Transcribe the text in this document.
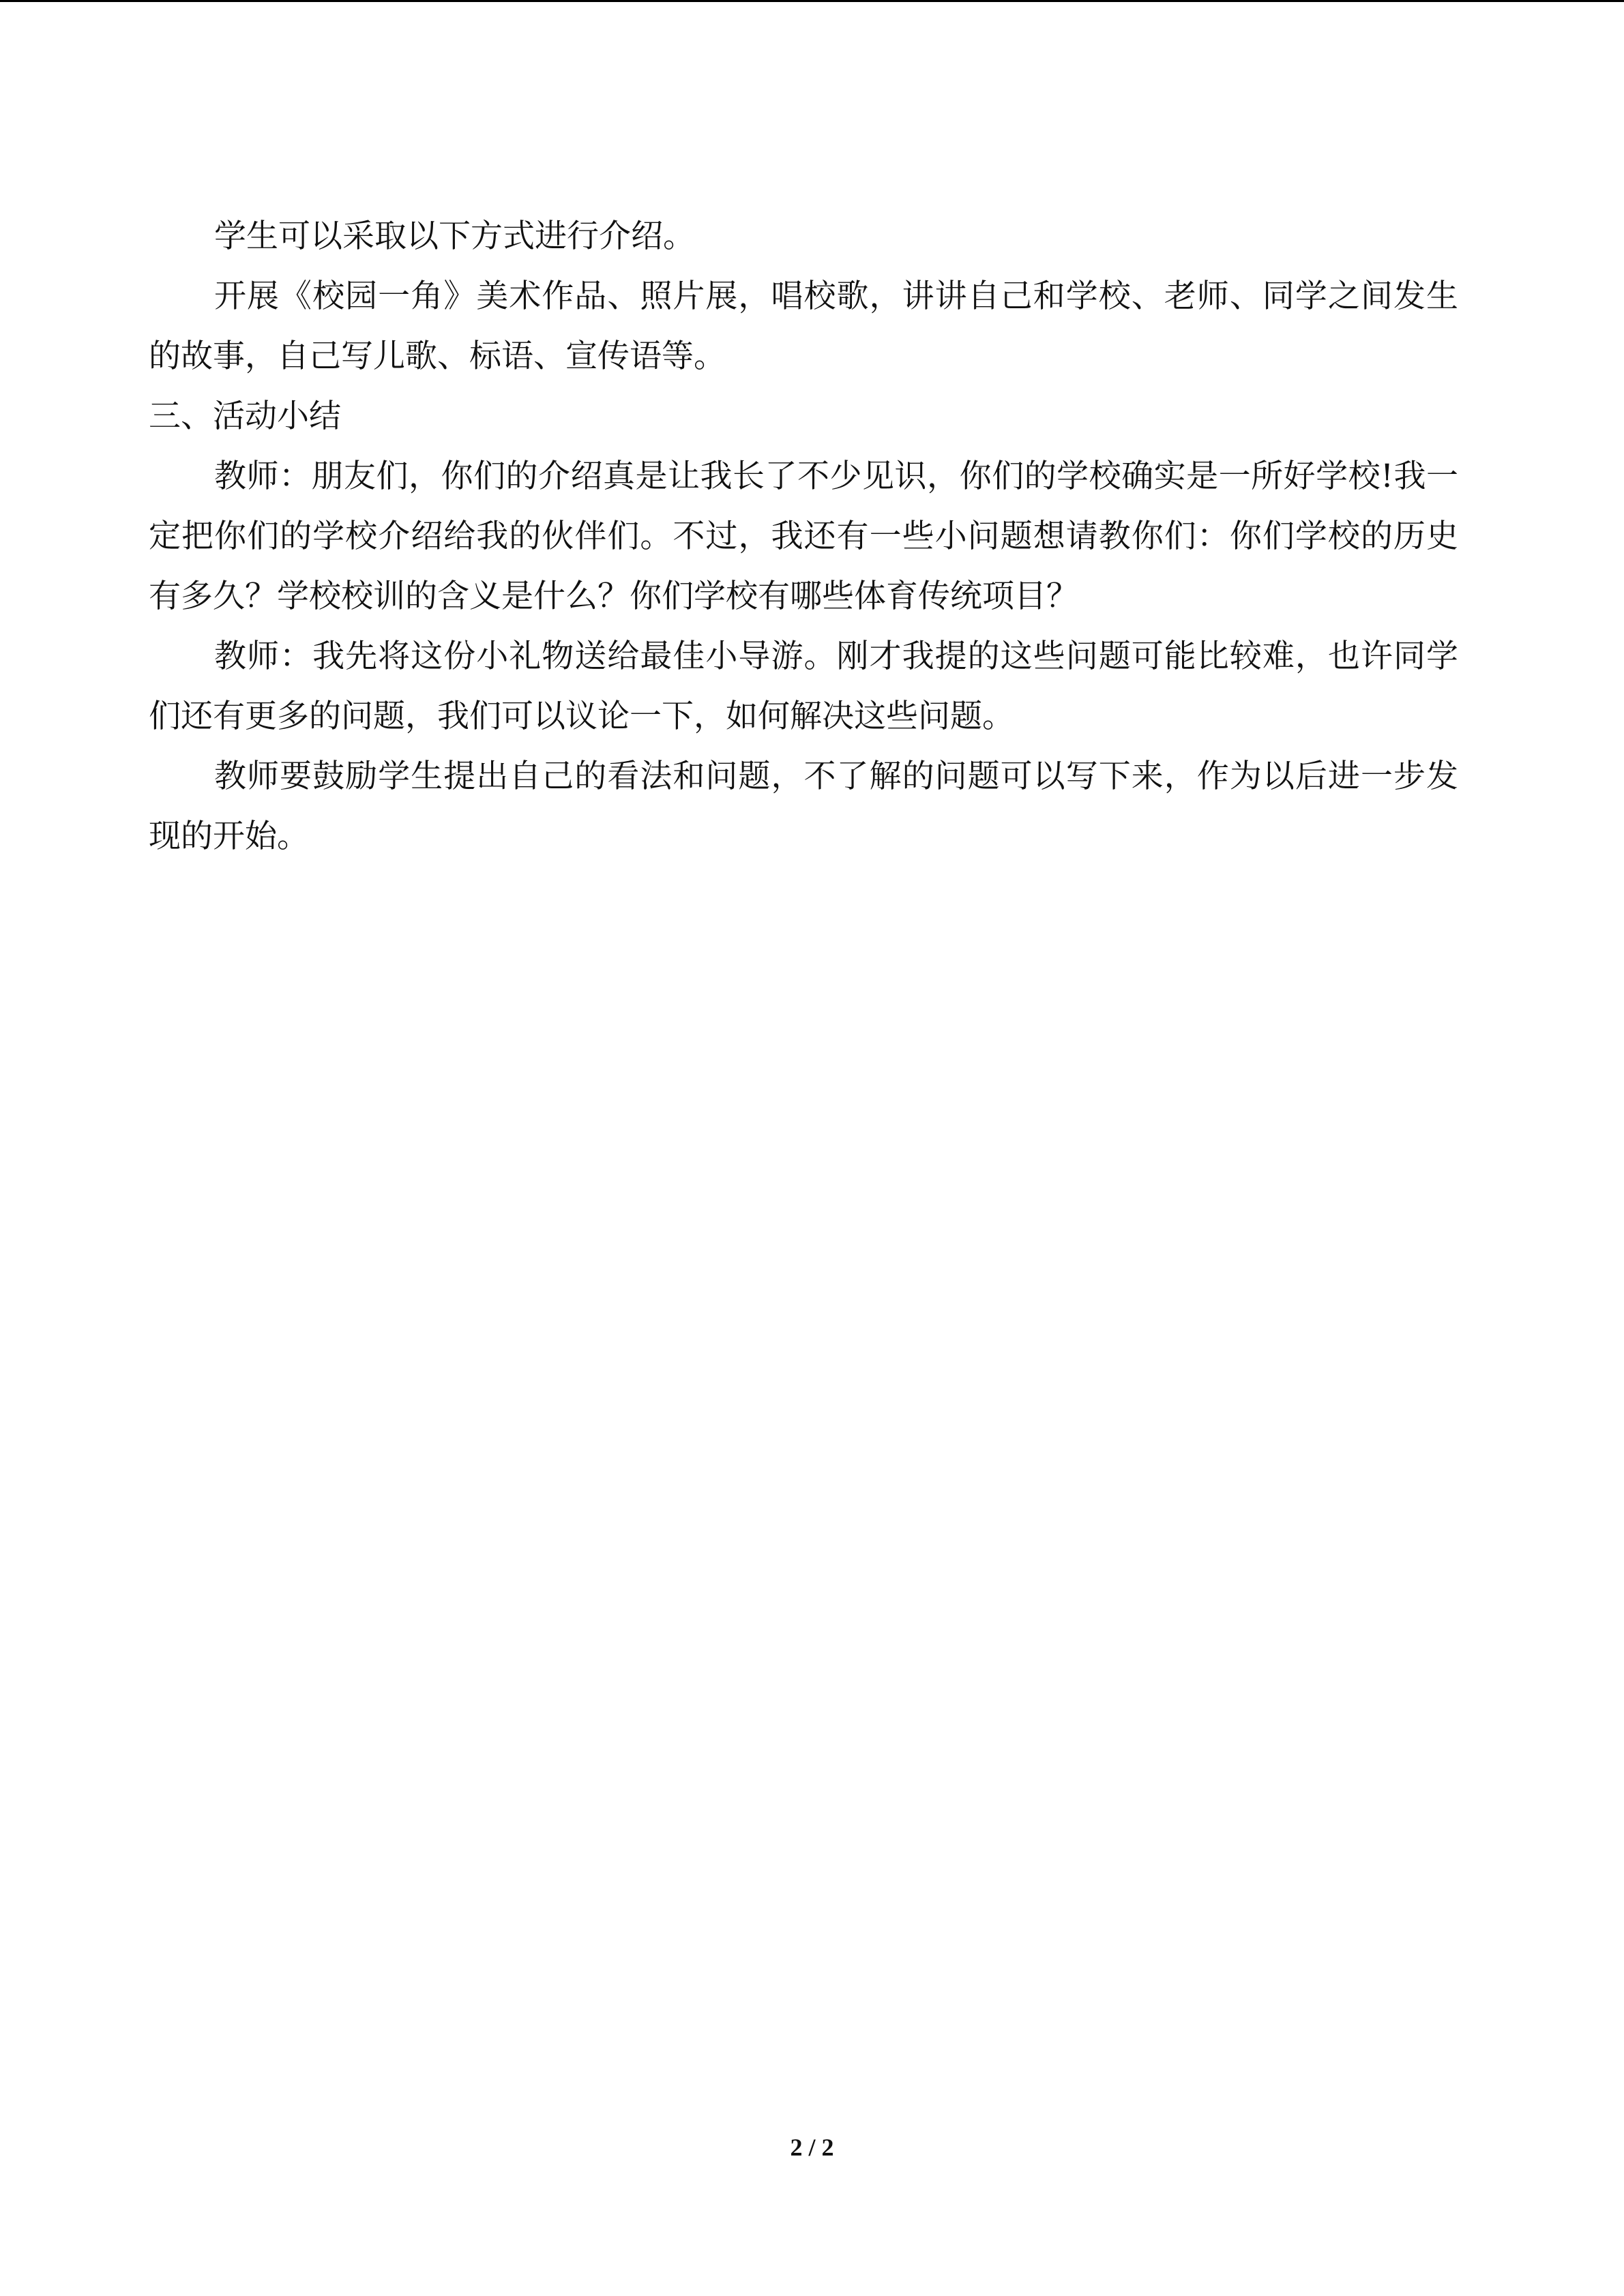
学生可以采取以下方式进行介绍。

开展《校园一角》美术作品、照片展，唱校歌，讲讲自己和学校、老师、同学之间发生的故事，自己写儿歌、标语、宣传语等。

三、活动小结

教师：朋友们，你们的介绍真是让我长了不少见识，你们的学校确实是一所好学校!我一定把你们的学校介绍给我的伙伴们。不过，我还有一些小问题想请教你们：你们学校的历史有多久？学校校训的含义是什么？你们学校有哪些体育传统项目？

教师：我先将这份小礼物送给最佳小导游。刚才我提的这些问题可能比较难，也许同学们还有更多的问题，我们可以议论一下，如何解决这些问题。

教师要鼓励学生提出自己的看法和问题，不了解的问题可以写下来，作为以后进一步发现的开始。

2 / 2
